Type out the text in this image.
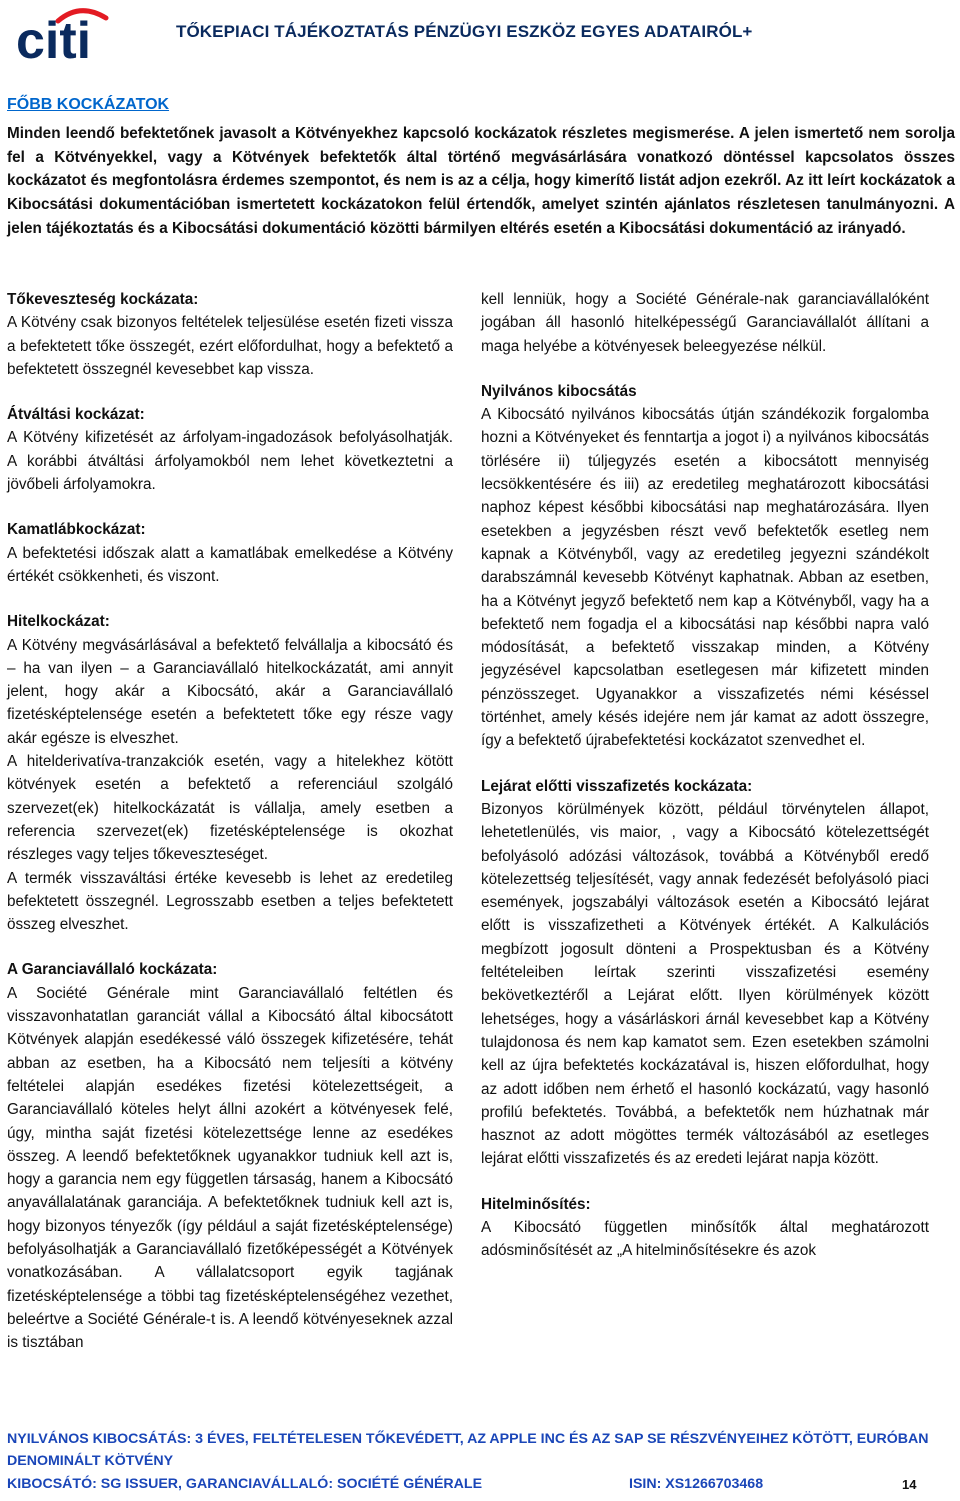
citi	TŐKEPIACI TÁJÉKOZTATÁS PÉNZÜGYI ESZKÖZ EGYES ADATAIRÓL+
FŐBB KOCKÁZATOK
Minden leendő befektetőnek javasolt a Kötvényekhez kapcsoló kockázatok részletes megismerése. A jelen ismertető nem sorolja fel a Kötvényekkel, vagy a Kötvények befektetők által történő megvásárlására vonatkozó döntéssel kapcsolatos összes kockázatot és megfontolásra érdemes szempontot, és nem is az a célja, hogy kimerítő listát adjon ezekről. Az itt leírt kockázatok a Kibocsátási dokumentációban ismertetett kockázatokon felül értendők, amelyet szintén ajánlatos részletesen tanulmányozni. A jelen tájékoztatás és a Kibocsátási dokumentáció közötti bármilyen eltérés esetén a Kibocsátási dokumentáció az irányadó.
Tőkeveszteség kockázata:

A Kötvény csak bizonyos feltételek teljesülése esetén fizeti vissza a befektetett tőke összegét, ezért előfordulhat, hogy a befektető a befektetett összegnél kevesebbet kap vissza.

Átváltási kockázat:

A Kötvény kifizetését az árfolyam-ingadozások befolyásolhatják. A korábbi átváltási árfolyamokból nem lehet következtetni a jövőbeli árfolyamokra.

Kamatlábkockázat:

A befektetési időszak alatt a kamatlábak emelkedése a Kötvény értékét csökkenheti, és viszont.

Hitelkockázat:

A Kötvény megvásárlásával a befektető felvállalja a kibocsátó és – ha van ilyen – a Garanciavállaló hitelkockázatát, ami annyit jelent, hogy akár a Kibocsátó, akár a Garanciavállaló fizetésképtelensége esetén a befektetett tőke egy része vagy akár egésze is elveszhet.

A hitelderivatíva-tranzakciók esetén, vagy a hitelekhez kötött kötvények esetén a befektető a referenciául szolgáló szervezet(ek) hitelkockázatát is vállalja, amely esetben a referencia szervezet(ek) fizetésképtelensége is okozhat részleges vagy teljes tőkeveszteséget.

A termék visszaváltási értéke kevesebb is lehet az eredetileg befektetett összegnél. Legrosszabb esetben a teljes befektetett összeg elveszhet.

A Garanciavállaló kockázata:

A Société Générale mint Garanciavállaló feltétlen és visszavonhatatlan garanciát vállal a Kibocsátó által kibocsátott Kötvények alapján esedékessé váló összegek kifizetésére, tehát abban az esetben, ha a Kibocsátó nem teljesíti a kötvény feltételei alapján esedékes fizetési kötelezettségeit, a Garanciavállaló köteles helyt állni azokért a kötvényesek felé, úgy, mintha saját fizetési kötelezettsége lenne az esedékes összeg. A leendő befektetőknek ugyanakkor tudniuk kell azt is, hogy a garancia nem egy független társaság, hanem a Kibocsátó anyavállalatának garanciája. A befektetőknek tudniuk kell azt is, hogy bizonyos tényezők (így például a saját fizetésképtelensége) befolyásolhatják a Garanciavállaló fizetőképességét a Kötvények vonatkozásában. A vállalatcsoport egyik tagjának fizetésképtelensége a többi tag fizetésképtelenségéhez vezethet, beleértve a Société Générale-t is. A leendő kötvényeseknek azzal is tisztában

kell lenniük, hogy a Société Générale-nak garanciavállalóként jogában áll hasonló hitelképességű Garanciavállalót állítani a maga helyébe a kötvényesek beleegyezése nélkül.

Nyilvános kibocsátás

A Kibocsátó nyilvános kibocsátás útján szándékozik forgalomba hozni a Kötvényeket és fenntartja a jogot i) a nyilvános kibocsátás törlésére ii) túljegyzés esetén a kibocsátott mennyiség lecsökkentésére és iii) az eredetileg meghatározott kibocsátási naphoz képest későbbi kibocsátási nap meghatározására. Ilyen esetekben a jegyzésben részt vevő befektetők esetleg nem kapnak a Kötvényből, vagy az eredetileg jegyezni szándékolt darabszámnál kevesebb Kötvényt kaphatnak. Abban az esetben, ha a Kötvényt jegyző befektető nem kap a Kötvényből, vagy ha a befektető nem fogadja el a kibocsátási nap későbbi napra való módosítását, a befektető visszakap minden, a Kötvény jegyzésével kapcsolatban esetlegesen már kifizetett minden pénzösszeget. Ugyanakkor a visszafizetés némi késéssel történhet, amely késés idejére nem jár kamat az adott összegre, így a befektető újrabefektetési kockázatot szenvedhet el.

Lejárat előtti visszafizetés kockázata:

Bizonyos körülmények között, például törvénytelen állapot, lehetetlenülés, vis maior, , vagy a Kibocsátó kötelezettségét befolyásoló adózási változások, továbbá a Kötvényből eredő kötelezettség teljesítését, vagy annak fedezését befolyásoló piaci események, jogszabályi változások esetén a Kibocsátó lejárat előtt is visszafizetheti a Kötvények értékét. A Kalkulációs megbízott jogosult dönteni a Prospektusban és a Kötvény feltételeiben leírtak szerinti visszafizetési esemény bekövetkeztéről a Lejárat előtt. Ilyen körülmények között lehetséges, hogy a vásárláskori árnál kevesebbet kap a Kötvény tulajdonosa és nem kap kamatot sem. Ezen esetekben számolni kell az újra befektetés kockázatával is, hiszen előfordulhat, hogy az adott időben nem érhető el hasonló kockázatú, vagy hasonló profilú befektetés. Továbbá, a befektetők nem húzhatnak már hasznot az adott mögöttes termék változásából az esetleges lejárat előtti visszafizetés és az eredeti lejárat napja között.

Hitelminősítés:

A Kibocsátó független minősítők által meghatározott adósminősítését az „A hitelminősítésekre és azok

NYILVÁNOS KIBOCSÁTÁS: 3 ÉVES, FELTÉTELESEN TŐKEVÉDETT, AZ APPLE INC ÉS AZ SAP SE RÉSZVÉNYEIHEZ KÖTÖTT, EURÓBAN
DENOMINÁLT KÖTVÉNY
KIBOCSÁTÓ: SG ISSUER, GARANCIAVÁLLALÓ: SOCIÉTÉ GÉNÉRALE	ISIN: XS1266703468	14
